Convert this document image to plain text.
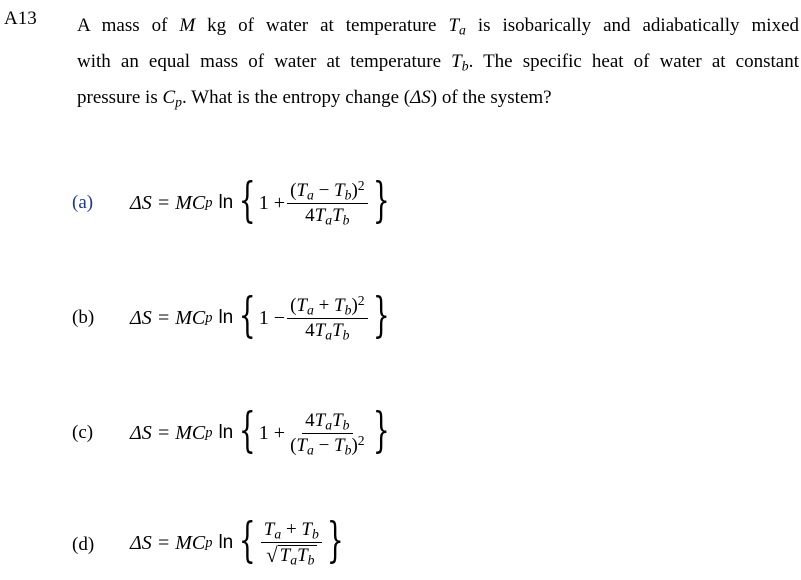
A13 A mass of M kg of water at temperature $T_a$ is isobarically and adiabatically mixed
with an equal mass of water at temperature $T_b$. The specific heat of water at constant
pressure is $C_p$. What is the entropy change (ΔS) of the system?
(a) ΔS = MC p ln { $1 + \frac{(T_a - T_b)^2}{4T_aT_b}$ }
(b) ΔS = MC p ln { $1 - \frac{(T_a + T_b)^2}{4T_aT_b}$ }
(c) ΔS = MC p ln { $1 + \frac{4T_aT_b}{(T_a - T_b)^2}$ }
(d) ΔS = MC p ln { $\frac{T_a + T_b}{√ T_aT_b}$ }
